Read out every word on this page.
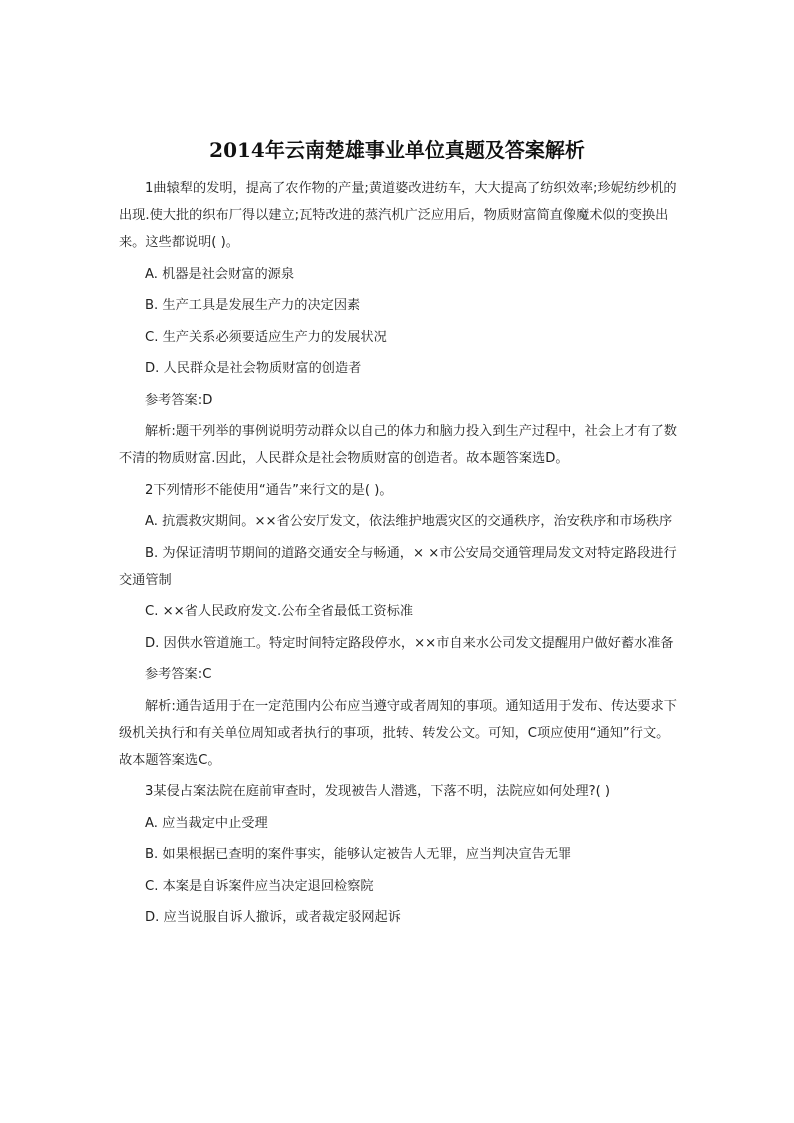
2014年云南楚雄事业单位真题及答案解析

1曲辕犁的发明，提高了农作物的产量;黄道婆改进纺车，大大提高了纺织效率;珍妮纺纱机的出现.使大批的织布厂得以建立;瓦特改进的蒸汽机广泛应用后，物质财富简直像魔术似的变换出来。这些都说明( )。

A. 机器是社会财富的源泉

B. 生产工具是发展生产力的决定因素

C. 生产关系必须要适应生产力的发展状况

D. 人民群众是社会物质财富的创造者

参考答案:D

解析:题干列举的事例说明劳动群众以自己的体力和脑力投入到生产过程中，社会上才有了数不清的物质财富.因此，人民群众是社会物质财富的创造者。故本题答案选D。

2下列情形不能使用“通告”来行文的是( )。

A. 抗震救灾期间。××省公安厅发文，依法维护地震灾区的交通秩序，治安秩序和市场秩序

B. 为保证清明节期间的道路交通安全与畅通，× ×市公安局交通管理局发文对特定路段进行交通管制

C. ××省人民政府发文.公布全省最低工资标准

D. 因供水管道施工。特定时间特定路段停水，××市自来水公司发文提醒用户做好蓄水准备

参考答案:C

解析:通告适用于在一定范围内公布应当遵守或者周知的事项。通知适用于发布、传达要求下级机关执行和有关单位周知或者执行的事项，批转、转发公文。可知，C项应使用“通知”行文。故本题答案选C。

3某侵占案法院在庭前审查时，发现被告人潜逃，下落不明，法院应如何处理?( )

A. 应当裁定中止受理

B. 如果根据已查明的案件事实，能够认定被告人无罪，应当判决宣告无罪

C. 本案是自诉案件应当决定退回检察院

D. 应当说服自诉人撤诉，或者裁定驳网起诉
